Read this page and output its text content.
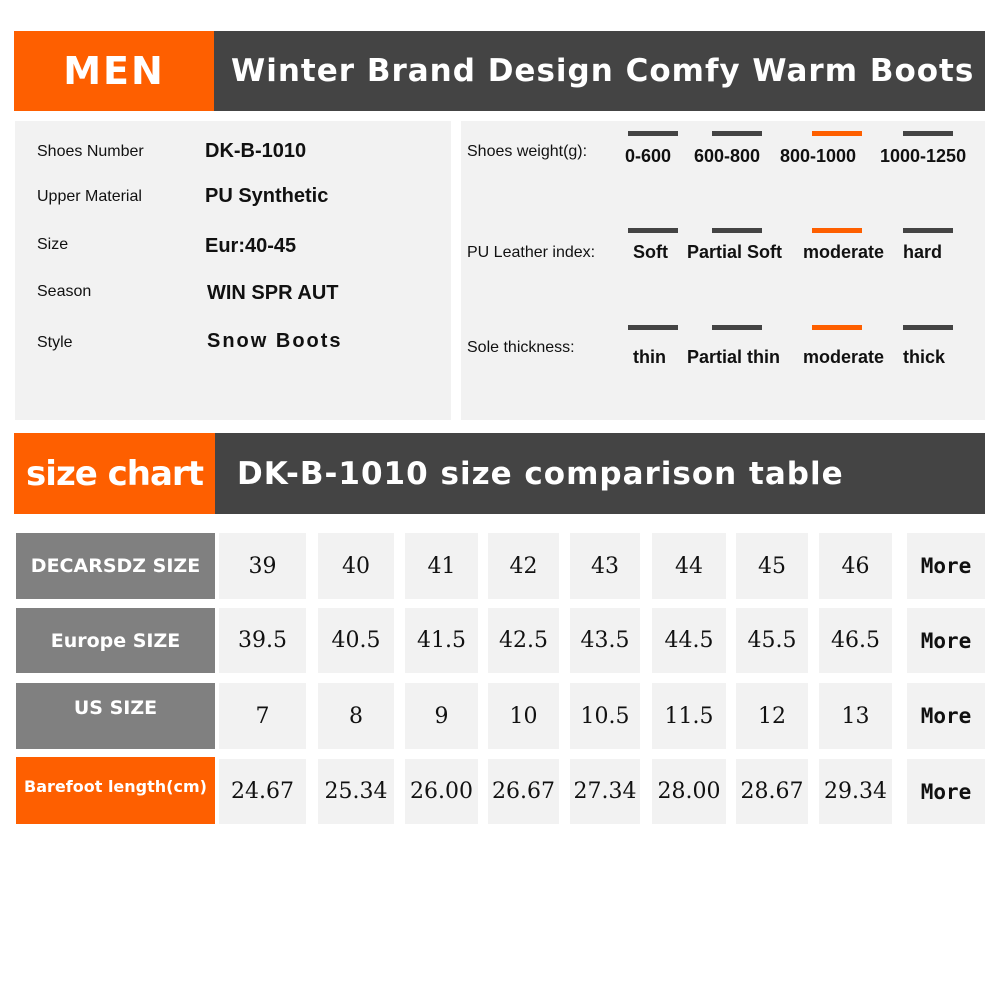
MEN	Winter Brand Design Comfy Warm Boots
Shoes Number	DK-B-1010
Upper Material	PU Synthetic
Size	Eur:40-45
Season	WIN SPR AUT
Style	Snow Boots
Shoes weight(g): 0-600 600-800 800-1000 1000-1250
PU Leather index: Soft Partial Soft moderate hard
Sole thickness:	thin Partial thin moderate thick
size chart	DK-B-1010 size comparison table
DECARSDZ SIZE	39	40	41	42	43	44	45	46	More
Europe SIZE	39.5	40.5	41.5	42.5	43.5	44.5	45.5	46.5	More
US SIZE	7	8	9	10	10.5	11.5	12	13	More
Barefoot length(cm)	24.67	25.34 26.00 26.67 27.34 28.00 28.67 29.34	More
